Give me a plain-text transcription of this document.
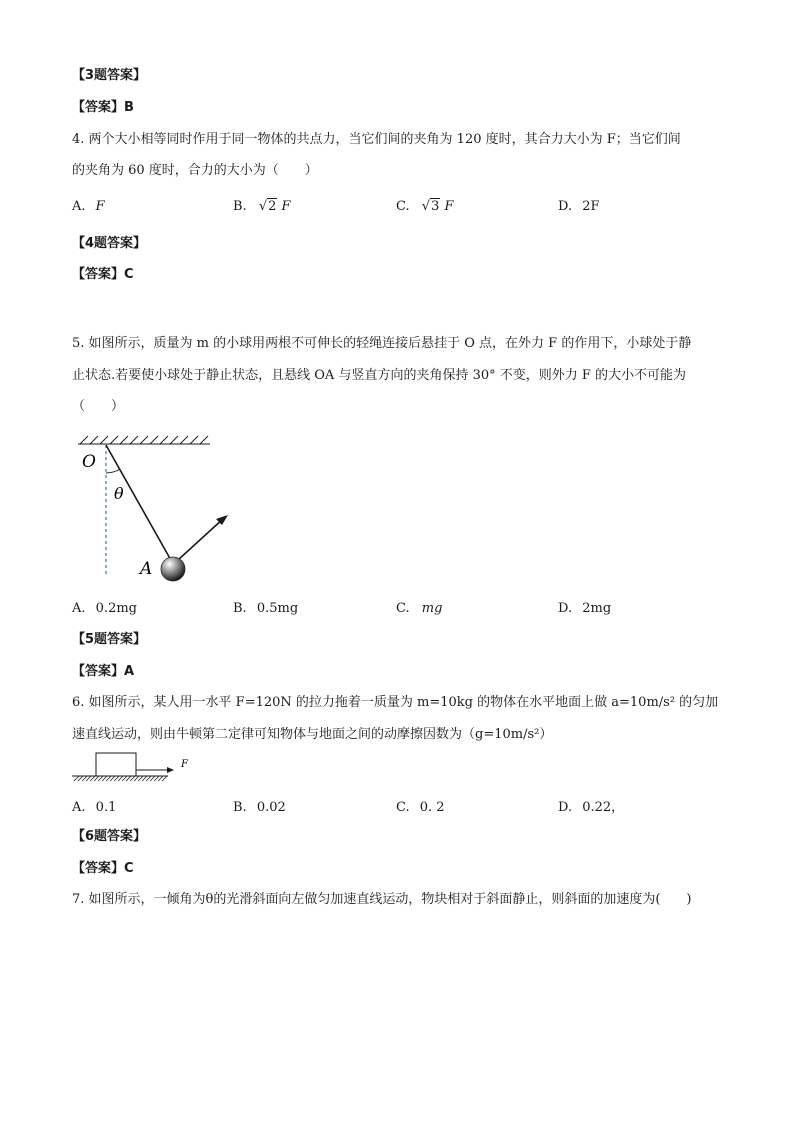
【3题答案】
【答案】B
4. 两个大小相等同时作用于同一物体的共点力，当它们间的夹角为 120 度时，其合力大小为 F；当它们间
的夹角为 60 度时，合力的大小为（　　）
A. F	B. √2 F	C. √3 F	D. 2F
【4题答案】
【答案】C
5. 如图所示，质量为 m 的小球用两根不可伸长的轻绳连接后悬挂于 O 点，在外力 F 的作用下，小球处于静
止状态.若要使小球处于静止状态，且悬线 OA 与竖直方向的夹角保持 30° 不变，则外力 F 的大小不可能为
（　　）
O
θ
A
A. 0.2mg	B. 0.5mg	C. mg	D. 2mg
【5题答案】
【答案】A
6. 如图所示，某人用一水平 F=120N 的拉力拖着一质量为 m=10kg 的物体在水平地面上做 a=10m/s² 的匀加
速直线运动，则由牛顿第二定律可知物体与地面之间的动摩擦因数为（g=10m/s²）
F
A. 0.1	B. 0.02	C. 0. 2	D. 0.22，
【6题答案】
【答案】C
7. 如图所示，一倾角为θ的光滑斜面向左做匀加速直线运动，物块相对于斜面静止，则斜面的加速度为(　　)
